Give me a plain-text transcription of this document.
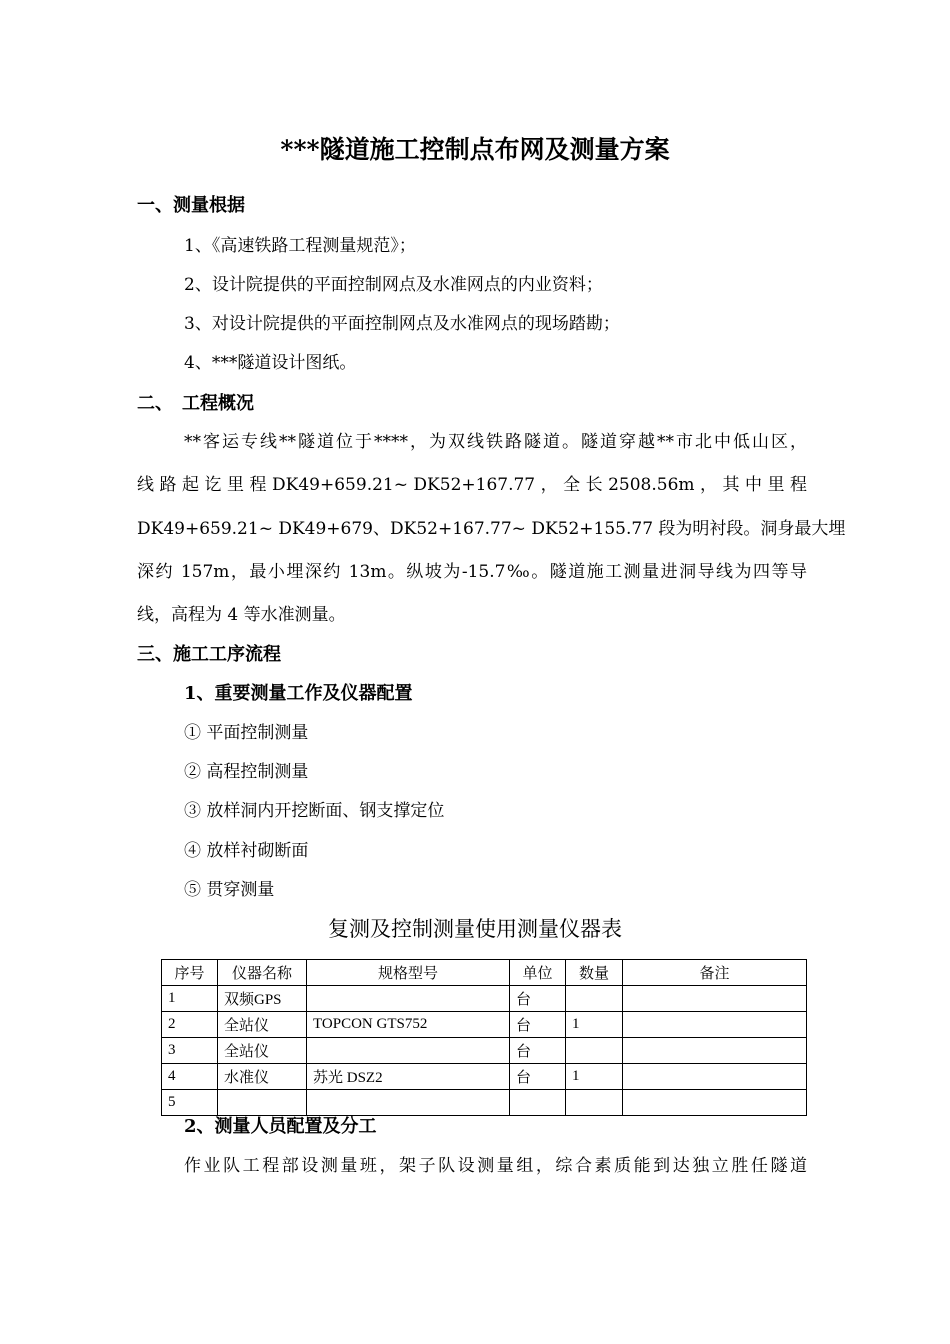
***隧道施工控制点布网及测量方案
一、测量根据
1、《高速铁路工程测量规范》；
2、设计院提供的平面控制网点及水准网点的内业资料；
3、对设计院提供的平面控制网点及水准网点的现场踏勘；
4、***隧道设计图纸。
二、　工程概况
**客运专线**隧道位于****，为双线铁路隧道。隧道穿越**市北中低山区，
线 路 起 讫 里 程 DK49+659.21~ DK52+167.77 ， 全 长 2508.56m ， 其 中 里 程
DK49+659.21~ DK49+679、DK52+167.77~ DK52+155.77 段为明衬段。洞身最大埋
深约 157m，最小埋深约 13m。纵坡为-15.7‰。隧道施工测量进洞导线为四等导
线，高程为 4 等水准测量。
三、施工工序流程
1、重要测量工作及仪器配置
① 平面控制测量
② 高程控制测量
③ 放样洞内开挖断面、钢支撑定位
④ 放样衬砌断面
⑤ 贯穿测量
复测及控制测量使用测量仪器表
序号	仪器名称	规格型号	单位	数量	备注
1	双频GPS		台		
2	全站仪	TOPCON GTS752	台	1	
3	全站仪		台		
4	水准仪	苏光 DSZ2	台	1	
5					
2、测量人员配置及分工
作业队工程部设测量班，架子队设测量组，综合素质能到达独立胜任隧道
